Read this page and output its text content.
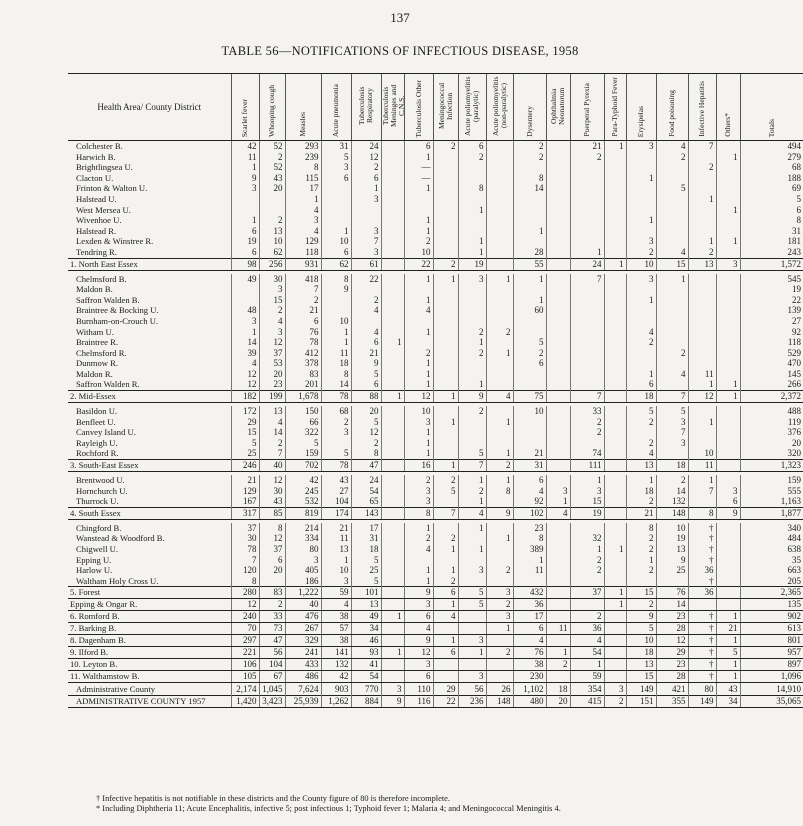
137
TABLE 56—NOTIFICATIONS OF INFECTIOUS DISEASE, 1958
Health Area/ County District	Scarlet fever	Whooping cough	Measles	Acute pneumonia	Tuberculosis Respiratory	Tuberculosis Meninges and C.N.S.	Tuberculosis Other	Meningococcal Infection	Acute poliomyelitis (paralytic)	Acute poliomyelitis (non-paralytic)	Dysentery	Ophthalmia Neonatorum	Puerperal Pyrexia	Para-Typhoid Fever	Erysipelas	Food poisoning	Infective Hepatitis	Others*	Totals

Colchester B.	42	52	293	31	24		6	2	6		2		21	1	3	4	7		494
Harwich B.	11	2	239	5	12		1		2		2		2			2		1	279
Brightlingsea U.	1	52	8	3	2		—										2		68
Clacton U.	9	43	115	6	6		—				8				1				188
Frinton & Walton U.	3	20	17		1		1		8		14					5			69
Halstead U.			1		3												1		5
West Mersea U.			4						1									1	6
Wivenhoe U.	1	2	3				1								1				8
Halstead R.	6	13	4	1	3		1				1								31
Lexden & Winstree R.	19	10	129	10	7		2		1						3		1	1	181
Tendring R.	6	62	118	6	3		10		1		28		1		2	4	2		243
1. North East Essex	98	256	931	62	61		22	2	19		55		24	1	10	15	13	3	1,572

Chelmsford B.	49	30	418	8	22		1	1	3	1	1		7		3	1			545
Maldon B.		3	7	9															19
Saffron Walden B.		15	2		2		1				1				1				22
Braintree & Bocking U.	48	2	21		4		4				60								139
Burnham-on-Crouch U.	3	4	6	10															27
Witham U.	1	3	76	1	4		1		2	2					4				92
Braintree R.	14	12	78	1	6	1			1		5				2				118
Chelmsford R.	39	37	412	11	21		2		2	1	2					2			529
Dunmow R.	4	53	378	18	9		1				6								470
Maldon R.	12	20	83	8	5		1								1	4	11		145
Saffron Walden R.	12	23	201	14	6		1		1						6		1	1	266
2. Mid-Essex	182	199	1,678	78	88	1	12	1	9	4	75		7		18	7	12	1	2,372

Basildon U.	172	13	150	68	20		10		2		10		33		5	5			488
Benfleet U.	29	4	66	2	5		3	1		1			2		2	3	1		119
Canvey Island U.	15	14	322	3	12		1						2			7			376
Rayleigh U.	5	2	5		2		1								2	3			20
Rochford R.	25	7	159	5	8		1		5	1	21		74		4		10		320
3. South-East Essex	246	40	702	78	47		16	1	7	2	31		111		13	18	11		1,323

Brentwood U.	21	12	42	43	24		2	2	1	1	6		1		1	2	1		159
Hornchurch U.	129	30	245	27	54		3	5	2	8	4	3	3		18	14	7	3	555
Thurrock U.	167	43	532	104	65		3		1		92	1	15		2	132		6	1,163
4. South Essex	317	85	819	174	143		8	7	4	9	102	4	19		21	148	8	9	1,877

Chingford B.	37	8	214	21	17		1		1		23				8	10	†		340
Wanstead & Woodford B.	30	12	334	11	31		2	2		1	8		32		2	19	†		484
Chigwell U.	78	37	80	13	18		4	1	1		389		1	1	2	13	†		638
Epping U.	7	6	3	1	5						1		2		1	9	†		35
Harlow U.	120	20	405	10	25		1	1	3	2	11		2		2	25	36		663
Waltham Holy Cross U.	8		186	3	5		1	2									†		205
5. Forest	280	83	1,222	59	101		9	6	5	3	432		37	1	15	76	36		2,365
Epping & Ongar R.	12	2	40	4	13		3	1	5	2	36			1	2	14			135
6. Romford B.	240	33	476	38	49	1	6	4		3	17		2		9	23	†	1	902
7. Barking B.	70	73	267	57	34		4			1	6	11	36		5	28	†	21	613
8. Dagenham B.	297	47	329	38	46		9	1	3		4		4		10	12	†	1	801
9. Ilford B.	221	56	241	141	93	1	12	6	1	2	76	1	54		18	29	†	5	957
10. Leyton B.	106	104	433	132	41		3				38	2	1		13	23	†	1	897
11. Walthamstow B.	105	67	486	42	54		6		3		230		59		15	28	†	1	1,096
Administrative County	2,174	1,045	7,624	903	770	3	110	29	56	26	1,102	18	354	3	149	421	80	43	14,910
ADMINISTRATIVE COUNTY 1957	1,420	3,423	25,939	1,262	884	9	116	22	236	148	480	20	415	2	151	355	149	34	35,065
† Infective hepatitis is not notifiable in these districts and the County figure of 80 is therefore incomplete.
* Including Diphtheria 11; Acute Encephalitis, infective 5; post infectious 1; Typhoid fever 1; Malaria 4; and Meningococcal Meningitis 4.
